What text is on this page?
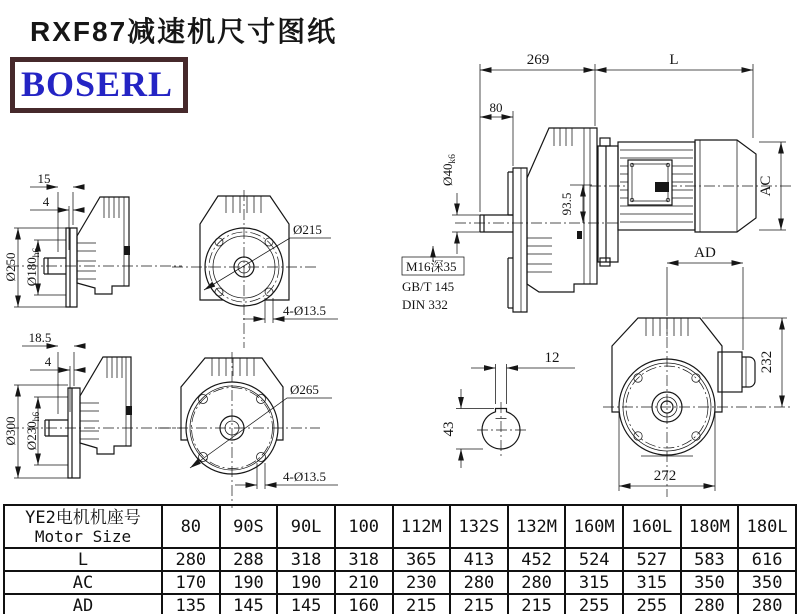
RXF87减速机尺寸图纸
BOSERL
15
4
Ø250 $Ø180_{h6}$
18.5
4
Ø300 $Ø230_{h6}$
Ø215
4-Ø13.5
Ø265
4-Ø13.5
269	L
80
$Ø40_{k6}$
93.5
AC
AD
M16深35
GB/T 145
DIN 332
12
43
232
272
YE2电机机座号
Motor Size	80	90S	90L	100	112M	132S	132M	160M	160L	180M	180L
L	280	288	318	318	365	413	452	524	527	583	616
AC	170	190	190	210	230	280	280	315	315	350	350
AD	135	145	145	160	215	215	215	255	255	280	280
